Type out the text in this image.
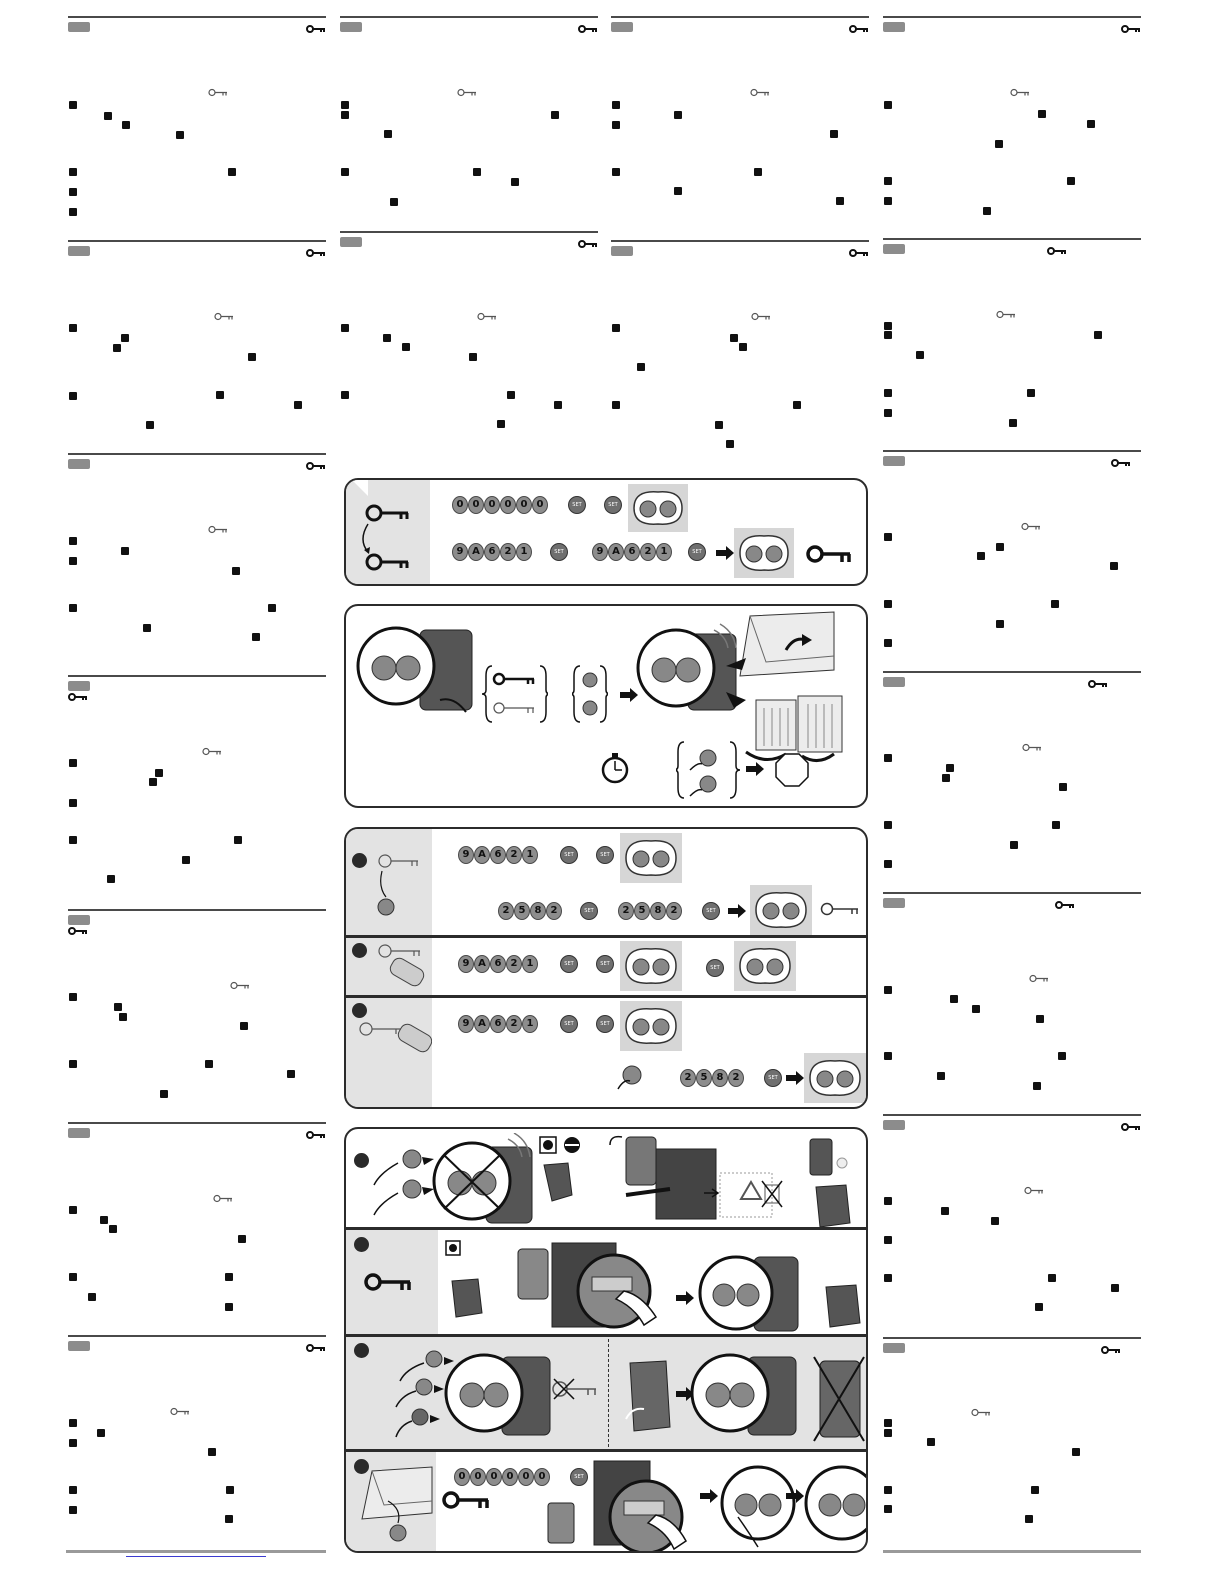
0 0 0 0 0 0	SET	SET
9 A 6 2 1	SET	9 A 6 2 1	SET
9 A 6 2 1	SET	SET
2 5 8 2	SET	2 5 8 2	SET
9 A 6 2 1	SET	SET
SET
9 A 6 2 1	SET	SET
2 5 8 2	SET
0 0 0 0 0 0	SET
